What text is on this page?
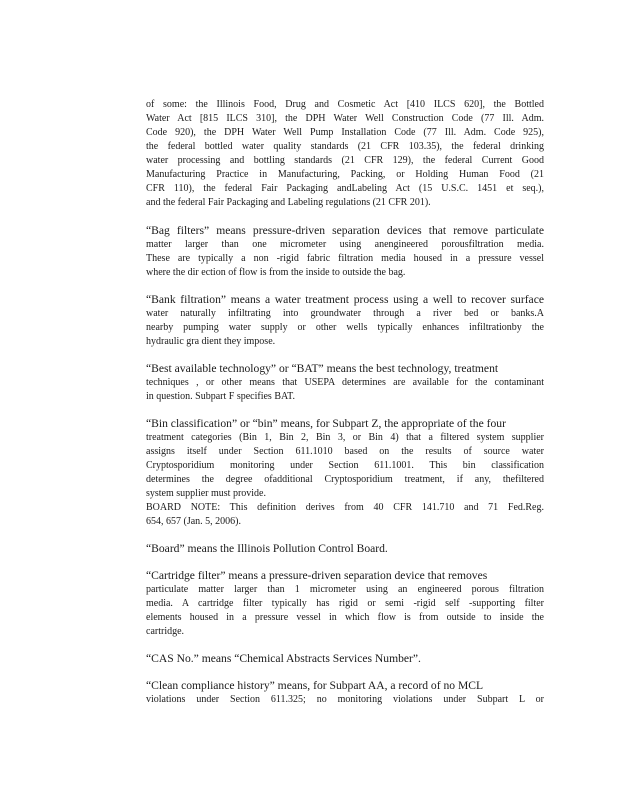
of some: the Illinois Food, Drug and Cosmetic Act [410 ILCS 620], the Bottled
Water Act [815 ILCS 310], the DPH Water Well Construction Code (77 Ill. Adm.
Code 920), the DPH Water Well Pump Installation Code (77 Ill. Adm. Code 925),
the federal bottled water quality standards (21 CFR 103.35), the federal drinking
water processing and bottling standards (21 CFR 129), the federal Current Good
Manufacturing Practice in Manufacturing, Packing, or Holding Human Food (21
CFR 110), the federal Fair Packaging andLabeling Act (15 U.S.C. 1451 et seq.),
and the federal Fair Packaging and Labeling regulations (21 CFR 201).
“Bag filters” means pressure-driven separation devices that remove particulate
matter larger than one micrometer using anengineered porousfiltration media.
These are typically a non -rigid fabric filtration media housed in a pressure vessel
where the dir ection of flow is from the inside to outside the bag.
“Bank filtration” means a water treatment process using a well to recover surface
water naturally infiltrating into groundwater through a river bed or banks.A
nearby pumping water supply or other wells typically enhances infiltrationby the
hydraulic gra dient they impose.
“Best available technology” or “BAT” means the best technology, treatment
techniques , or other means that USEPA determines are available for the contaminant
in question. Subpart F specifies BAT.
“Bin classification” or “bin” means, for Subpart Z, the appropriate of the four
treatment categories (Bin 1, Bin 2, Bin 3, or Bin 4) that a filtered system supplier
assigns itself under Section 611.1010 based on the results of source water
Cryptosporidium monitoring under Section 611.1001. This bin classification
determines the degree ofadditional Cryptosporidium treatment, if any, thefiltered
system supplier must provide.
BOARD NOTE: This definition derives from 40 CFR 141.710 and 71 Fed.Reg.
654, 657 (Jan. 5, 2006).
“Board” means the Illinois Pollution Control Board.
“Cartridge filter” means a pressure-driven separation device that removes
particulate matter larger than 1 micrometer using an engineered porous filtration
media. A cartridge filter typically has rigid or semi -rigid self -supporting filter
elements housed in a pressure vessel in which flow is from outside to inside the
cartridge.
“CAS No.” means “Chemical Abstracts Services Number”.
“Clean compliance history” means, for Subpart AA, a record of no MCL
violations under Section 611.325; no monitoring violations under Subpart L or
